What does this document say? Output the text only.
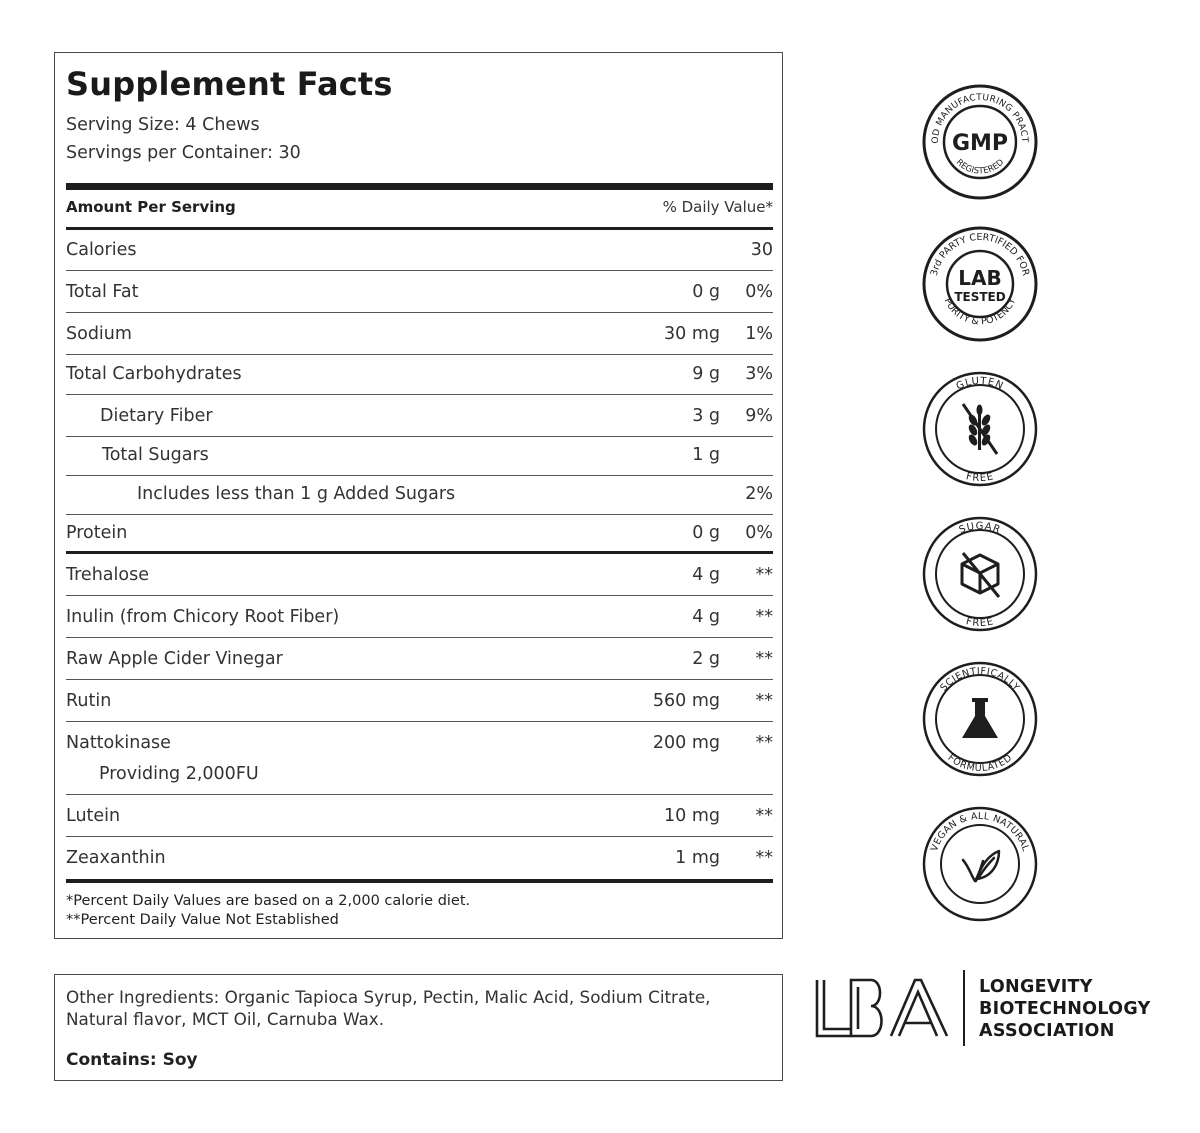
Supplement Facts
Serving Size: 4 Chews
Servings per Container: 30
Amount Per Serving	% Daily Value*
Calories	30
Total Fat	0 g 0%
Sodium	30 mg 1%
Total Carbohydrates	9 g 3%
Dietary Fiber	3 g 9%
Total Sugars	1 g
Includes less than 1 g Added Sugars	2%
Protein	0 g 0%
Trehalose	4 g **
Inulin (from Chicory Root Fiber)	4 g **
Raw Apple Cider Vinegar	2 g **
Rutin	560 mg **
Nattokinase	200 mg **
Providing 2,000FU
Lutein	10 mg **
Zeaxanthin	1 mg **
*Percent Daily Values are based on a 2,000 calorie diet.
**Percent Daily Value Not Established
Other Ingredients: Organic Tapioca Syrup, Pectin, Malic Acid, Sodium Citrate, Natural flavor, MCT Oil, Carnuba Wax.
Contains: Soy
OD MANUFACTURING PRACT
REGISTERED
GMP
3rd PARTY CERTIFIED FOR
PURITY & POTENCY
LAB
TESTED
GLUTEN
FREE
SUGAR
FREE
SCIENTIFICALLY
FORMULATED
VEGAN & ALL NATURAL
LONGEVITY
BIOTECHNOLOGY
ASSOCIATION
